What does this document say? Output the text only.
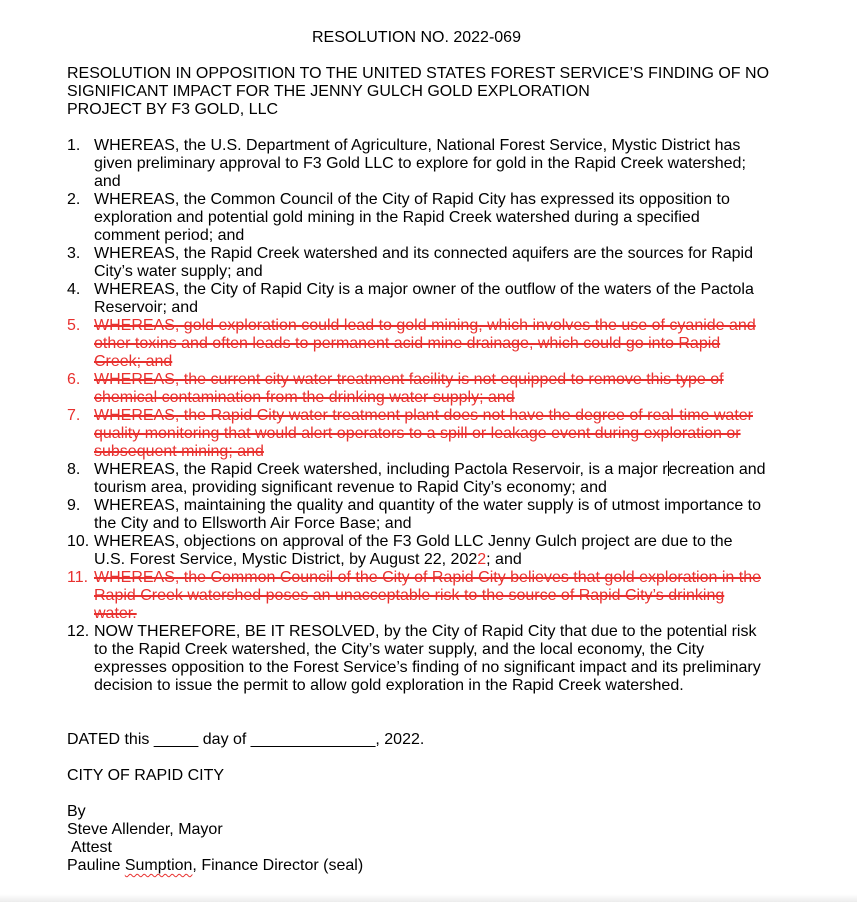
RESOLUTION NO. 2022-069
RESOLUTION IN OPPOSITION TO THE UNITED STATES FOREST SERVICE’S FINDING OF NO
SIGNIFICANT IMPACT FOR THE JENNY GULCH GOLD EXPLORATION
PROJECT BY F3 GOLD, LLC
1. WHEREAS, the U.S. Department of Agriculture, National Forest Service, Mystic District has given preliminary approval to F3 Gold LLC to explore for gold in the Rapid Creek watershed; and
2. WHEREAS, the Common Council of the City of Rapid City has expressed its opposition to exploration and potential gold mining in the Rapid Creek watershed during a specified comment period; and
3. WHEREAS, the Rapid Creek watershed and its connected aquifers are the sources for Rapid City’s water supply; and
4. WHEREAS, the City of Rapid City is a major owner of the outflow of the waters of the Pactola Reservoir; and
5. WHEREAS, gold exploration could lead to gold mining, which involves the use of cyanide and other toxins and often leads to permanent acid mine drainage, which could go into Rapid Creek; and
6. WHEREAS, the current city water treatment facility is not equipped to remove this type of chemical contamination from the drinking water supply; and
7. WHEREAS, the Rapid City water treatment plant does not have the degree of real-time water quality monitoring that would alert operators to a spill or leakage event during exploration or subsequent mining; and
8. WHEREAS, the Rapid Creek watershed, including Pactola Reservoir, is a major recreation and tourism area, providing significant revenue to Rapid City’s economy; and
9. WHEREAS, maintaining the quality and quantity of the water supply is of utmost importance to the City and to Ellsworth Air Force Base; and
10. WHEREAS, objections on approval of the F3 Gold LLC Jenny Gulch project are due to the U.S. Forest Service, Mystic District, by August 22, 2022; and
11. WHEREAS, the Common Council of the City of Rapid City believes that gold exploration in the Rapid Creek watershed poses an unacceptable risk to the source of Rapid City’s drinking water.
12. NOW THEREFORE, BE IT RESOLVED, by the City of Rapid City that due to the potential risk to the Rapid Creek watershed, the City’s water supply, and the local economy, the City expresses opposition to the Forest Service’s finding of no significant impact and its preliminary decision to issue the permit to allow gold exploration in the Rapid Creek watershed.
DATED this _____ day of ______________, 2022.
CITY OF RAPID CITY
By
Steve Allender, Mayor
Attest
Pauline Sumption, Finance Director (seal)
